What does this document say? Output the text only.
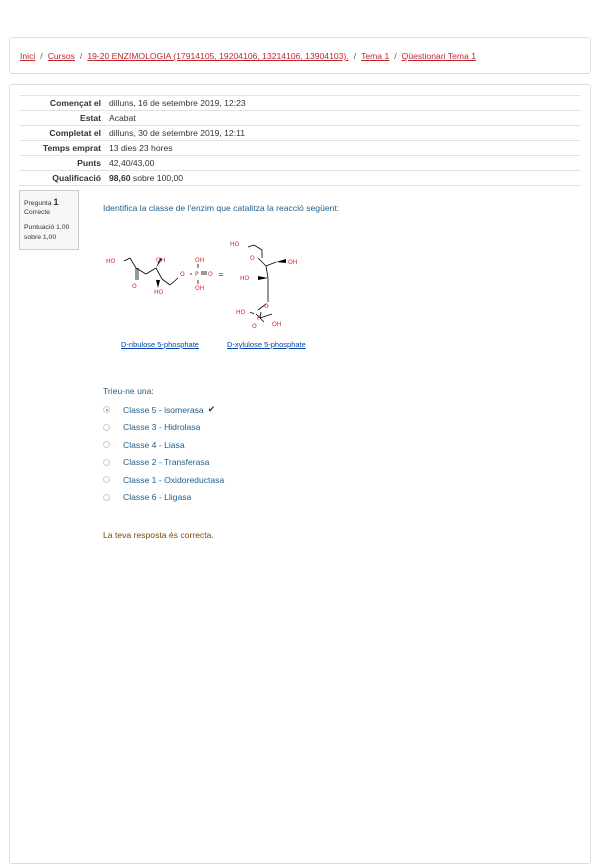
Inici / Cursos / 19-20 ENZIMOLOGIA (17914105, 19204106, 13214106, 13904103). / Tema 1 / Qüestionari Tema 1
Començat el	dilluns, 16 de setembre 2019, 12:23
Estat	Acabat
Completat el	dilluns, 30 de setembre 2019, 12:11
Temps emprat	13 dies 23 hores
Punts	42,40/43,00
Qualificació	98,60 sobre 100,00
Pregunta 1
Correcte
Puntuació 1,00
sobre 1,00
Identifica la classe de l'enzim que catalitza la reacció següent:
HO
O
OH
HO
O
OH
P O
OH
HO
O
OH
HO
O
HO
P
O	OH
=
D-ribulose 5-phosphate	D-xylulose 5-phosphate
Trieu-ne una:
Classe 5 - isomerasa ✔
Classe 3 - Hidrolasa
Classe 4 - Liasa
Classe 2 - Transferasa
Classe 1 - Oxidoreductasa
Classe 6 - Lligasa
La teva resposta és correcta.
